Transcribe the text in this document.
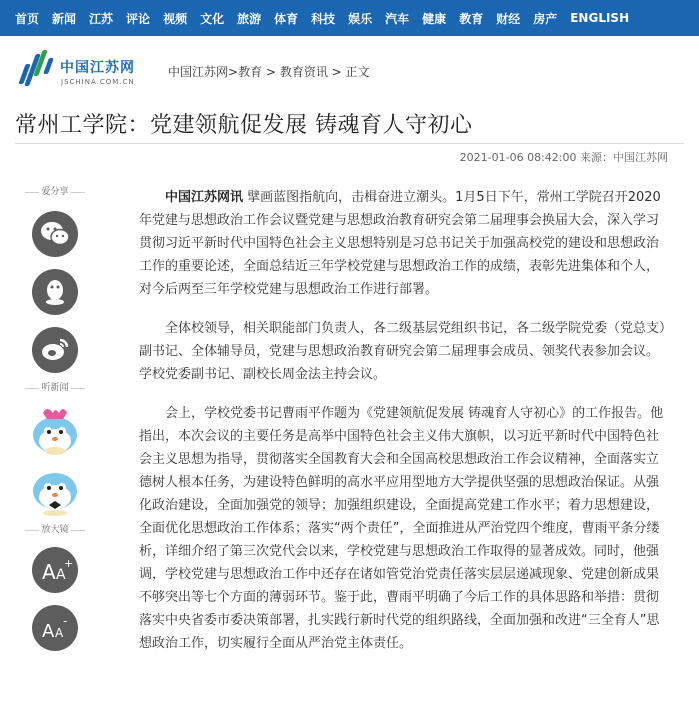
首页 新闻 江苏 评论 视频 文化 旅游 体育 科技 娱乐 汽车 健康 教育 财经 房产 ENGLISH
中国江苏网
JSCHINA.COM.CN
中国江苏网>教育 > 教育资讯 > 正文
常州工学院：党建领航促发展 铸魂育人守初心
2021-01-06 08:42:00 来源：中国江苏网
爱分享
听新闻
放大镜
A A
+
A A
-

中国江苏网讯 擘画蓝图指航向，击楫奋进立潮头。1月5日下午，常州工学院召开2020年党建与思想政治工作会议暨党建与思想政治教育研究会第二届理事会换届大会，深入学习贯彻习近平新时代中国特色社会主义思想特别是习总书记关于加强高校党的建设和思想政治工作的重要论述，全面总结近三年学校党建与思想政治工作的成绩，表彰先进集体和个人，对今后两至三年学校党建与思想政治工作进行部署。

全体校领导，相关职能部门负责人，各二级基层党组织书记，各二级学院党委（党总支）副书记、全体辅导员，党建与思想政治教育研究会第二届理事会成员、领奖代表参加会议。学校党委副书记、副校长周金法主持会议。

会上，学校党委书记曹雨平作题为《党建领航促发展 铸魂育人守初心》的工作报告。他指出，本次会议的主要任务是高举中国特色社会主义伟大旗帜，以习近平新时代中国特色社会主义思想为指导，贯彻落实全国教育大会和全国高校思想政治工作会议精神，全面落实立德树人根本任务，为建设特色鲜明的高水平应用型地方大学提供坚强的思想政治保证。从强化政治建设，全面加强党的领导；加强组织建设，全面提高党建工作水平；着力思想建设，全面优化思想政治工作体系；落实“两个责任”，全面推进从严治党四个维度，曹雨平条分缕析，详细介绍了第三次党代会以来，学校党建与思想政治工作取得的显著成效。同时，他强调，学校党建与思想政治工作中还存在诸如管党治党责任落实层层递减现象、党建创新成果不够突出等七个方面的薄弱环节。鉴于此，曹雨平明确了今后工作的具体思路和举措：贯彻落实中央省委市委决策部署，扎实践行新时代党的组织路线，全面加强和改进“三全育人”思想政治工作，切实履行全面从严治党主体责任。
